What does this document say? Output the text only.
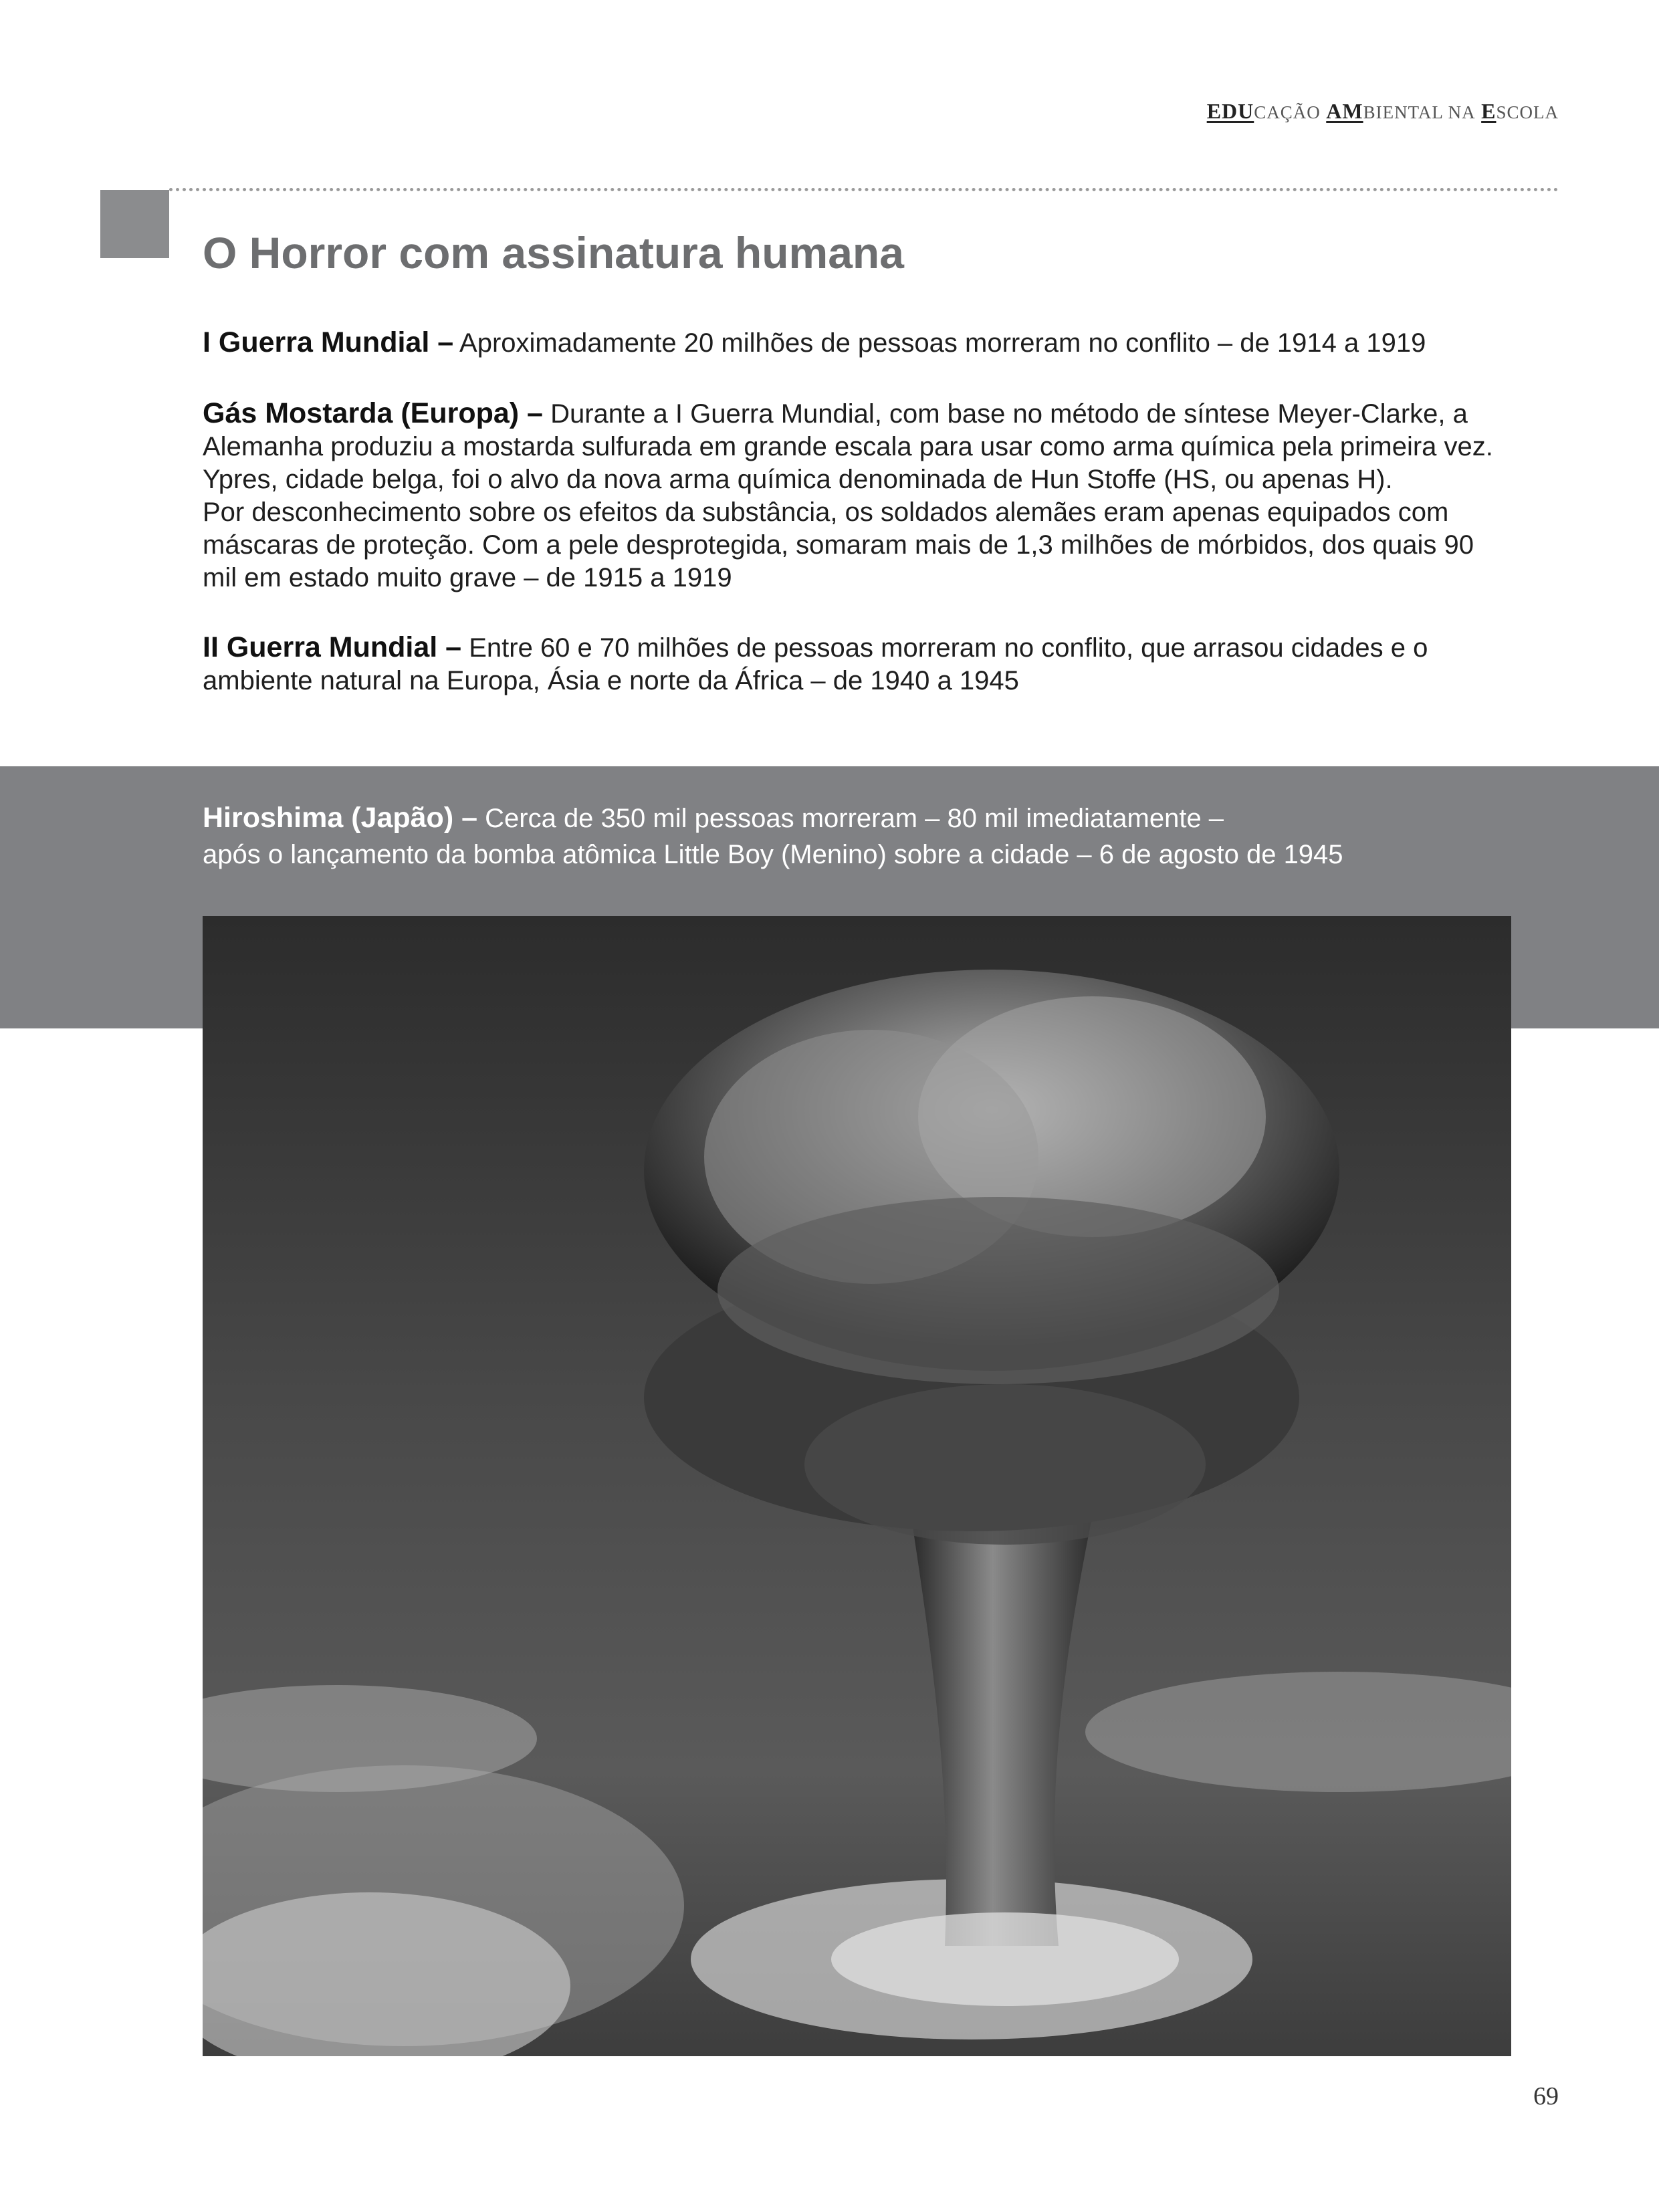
EDUCAÇÃO AMBIENTAL NA ESCOLA
O Horror com assinatura humana
I Guerra Mundial – Aproximadamente 20 milhões de pessoas morreram no conflito – de 1914 a 1919
Gás Mostarda (Europa) – Durante a I Guerra Mundial, com base no método de síntese Meyer-Clarke, a Alemanha produziu a mostarda sulfurada em grande escala para usar como arma química pela primeira vez. Ypres, cidade belga, foi o alvo da nova arma química denominada de Hun Stoffe (HS, ou apenas H).
Por desconhecimento sobre os efeitos da substância, os soldados alemães eram apenas equipados com máscaras de proteção. Com a pele desprotegida, somaram mais de 1,3 milhões de mórbidos, dos quais 90 mil em estado muito grave – de 1915 a 1919
II Guerra Mundial – Entre 60 e 70 milhões de pessoas morreram no conflito, que arrasou cidades e o ambiente natural na Europa, Ásia e norte da África – de 1940 a 1945
Hiroshima (Japão) – Cerca de 350 mil pessoas morreram – 80 mil imediatamente –
após o lançamento da bomba atômica Little Boy (Menino) sobre a cidade – 6 de agosto de 1945
69
